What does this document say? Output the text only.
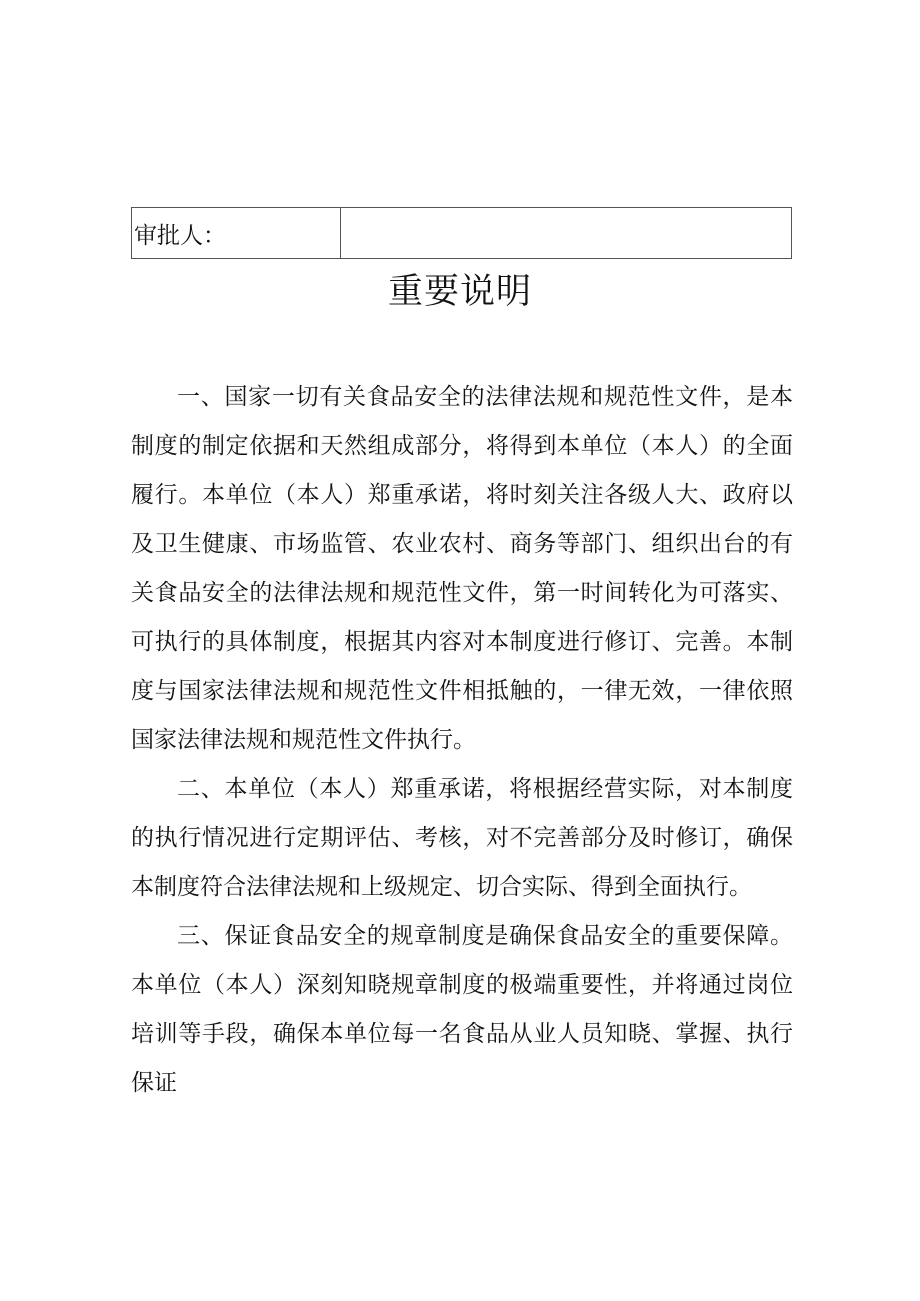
审批人：	
重要说明

一、国家一切有关食品安全的法律法规和规范性文件，是本制度的制定依据和天然组成部分，将得到本单位（本人）的全面履行。本单位（本人）郑重承诺，将时刻关注各级人大、政府以及卫生健康、市场监管、农业农村、商务等部门、组织出台的有关食品安全的法律法规和规范性文件，第一时间转化为可落实、可执行的具体制度，根据其内容对本制度进行修订、完善。本制度与国家法律法规和规范性文件相抵触的，一律无效，一律依照国家法律法规和规范性文件执行。

二、本单位（本人）郑重承诺，将根据经营实际，对本制度的执行情况进行定期评估、考核，对不完善部分及时修订，确保本制度符合法律法规和上级规定、切合实际、得到全面执行。

三、保证食品安全的规章制度是确保食品安全的重要保障。本单位（本人）深刻知晓规章制度的极端重要性，并将通过岗位培训等手段，确保本单位每一名食品从业人员知晓、掌握、执行保证
